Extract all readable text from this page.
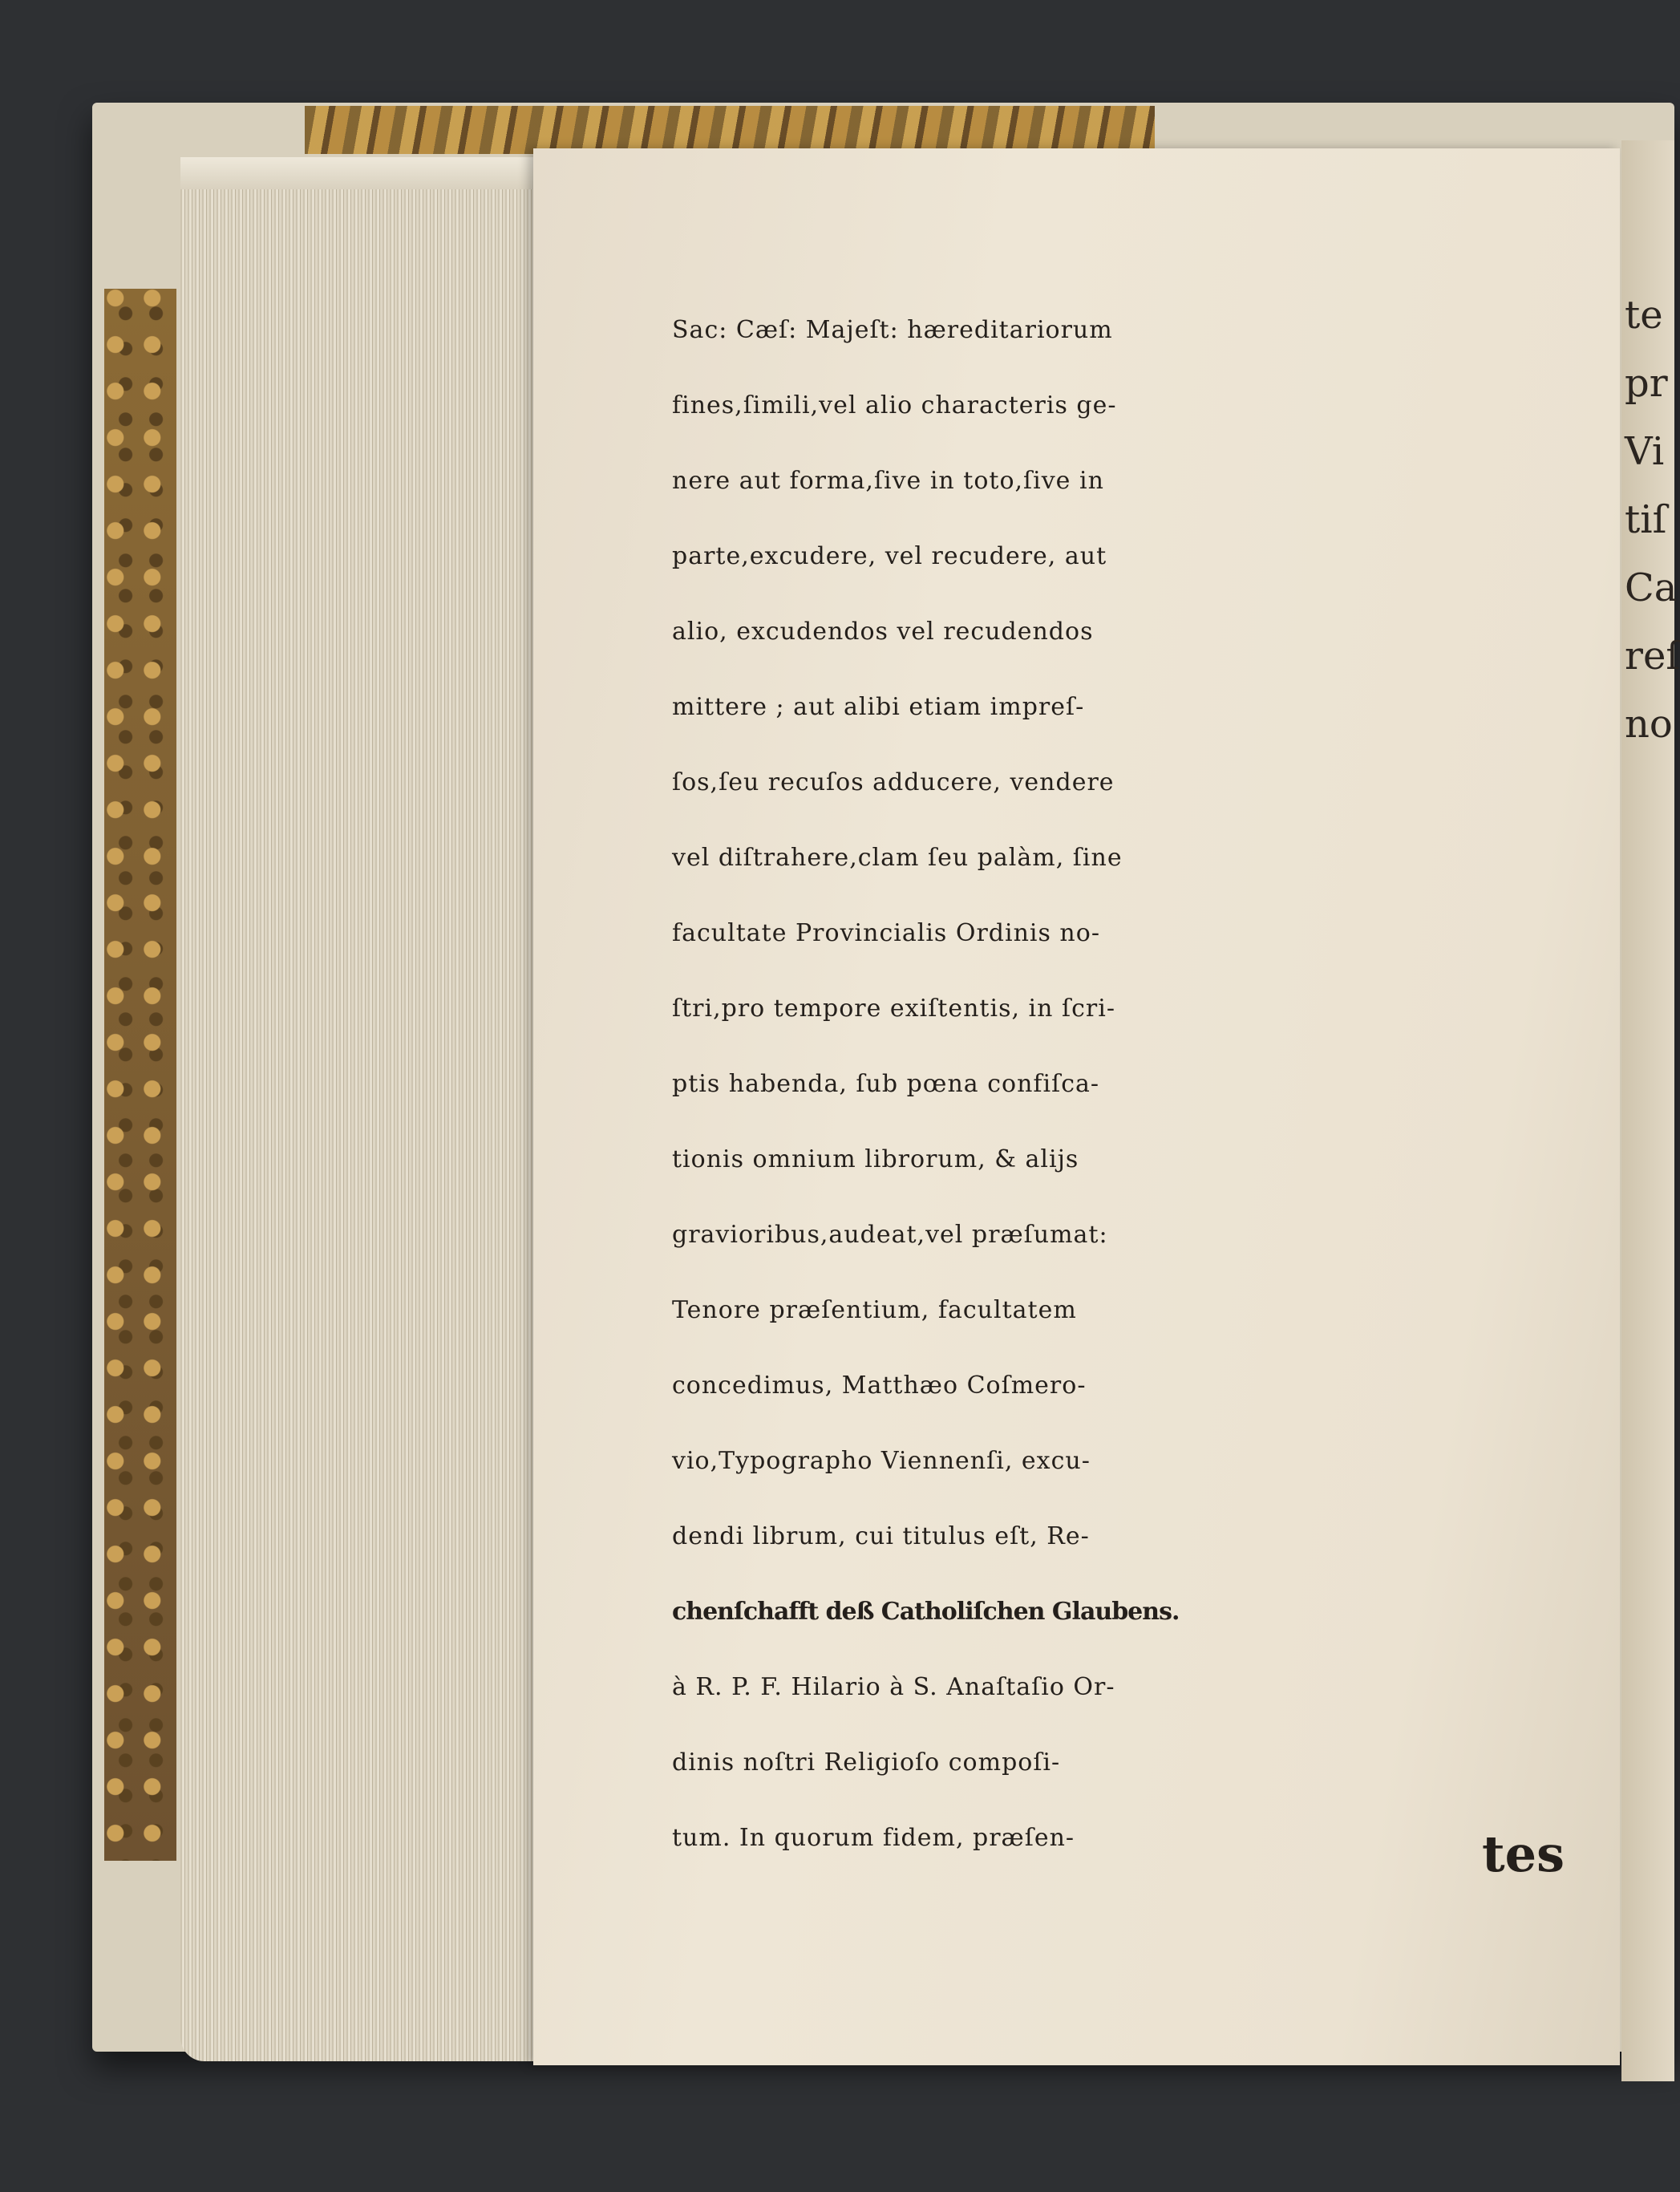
te
pr
Vi
tiſ
Ca
reſ
no
Sac: Cæſ: Majeſt: hæreditariorum
fines,ſimili,vel alio characteris ge-
nere aut forma,ſive in toto,ſive in
parte,excudere, vel recudere, aut
alio, excudendos vel recudendos
mittere ; aut alibi etiam impreſ-
ſos,ſeu recuſos adducere, vendere
vel diſtrahere,clam ſeu palàm, ſine
facultate Provincialis Ordinis no-
ſtri,pro tempore exiſtentis, in ſcri-
ptis habenda, ſub pœna confiſca-
tionis omnium librorum, & alijs
gravioribus,audeat,vel præſumat:
Tenore præſentium, facultatem
concedimus, Matthæo Coſmero-
vio,Typographo Viennenſi, excu-
dendi librum, cui titulus eſt, Re-
chenſchafft deß Catholiſchen Glaubens.
à R. P. F. Hilario à S. Anaſtaſio Or-
dinis noſtri Religioſo compoſi-
tum. In quorum fidem, præſen-	tes
